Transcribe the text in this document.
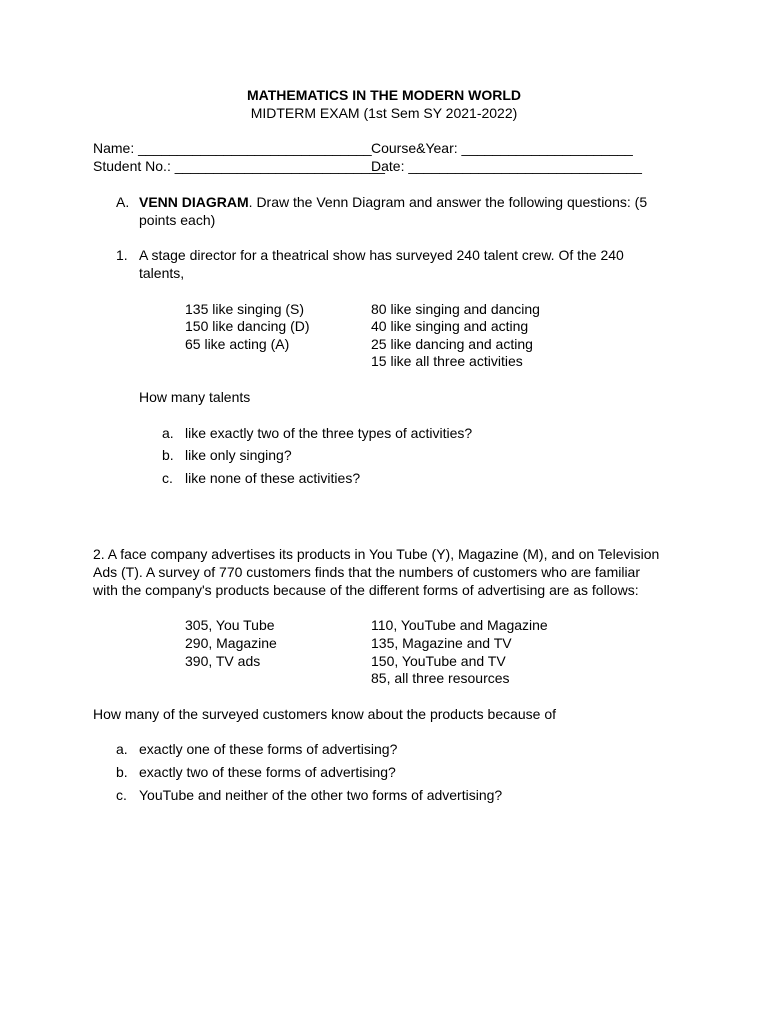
MATHEMATICS IN THE MODERN WORLD
MIDTERM EXAM (1st Sem SY 2021-2022)
Name: ______________________________ Course&Year: ______________________
Student No.: ___________________________
Date: ______________________________
A. VENN DIAGRAM. Draw the Venn Diagram and answer the following questions: (5
points each)
1. A stage director for a theatrical show has surveyed 240 talent crew. Of the 240
talents,
135 like singing (S)
150 like dancing (D)
65 like acting (A)
80 like singing and dancing
40 like singing and acting
25 like dancing and acting
15 like all three activities
How many talents
a. like exactly two of the three types of activities?
b. like only singing?
c. like none of these activities?
2. A face company advertises its products in You Tube (Y), Magazine (M), and on Television
Ads (T). A survey of 770 customers finds that the numbers of customers who are familiar
with the company's products because of the different forms of advertising are as follows:
305, You Tube
290, Magazine
390, TV ads
110, YouTube and Magazine
135, Magazine and TV
150, YouTube and TV
85, all three resources
How many of the surveyed customers know about the products because of
a. exactly one of these forms of advertising?
b. exactly two of these forms of advertising?
c. YouTube and neither of the other two forms of advertising?
